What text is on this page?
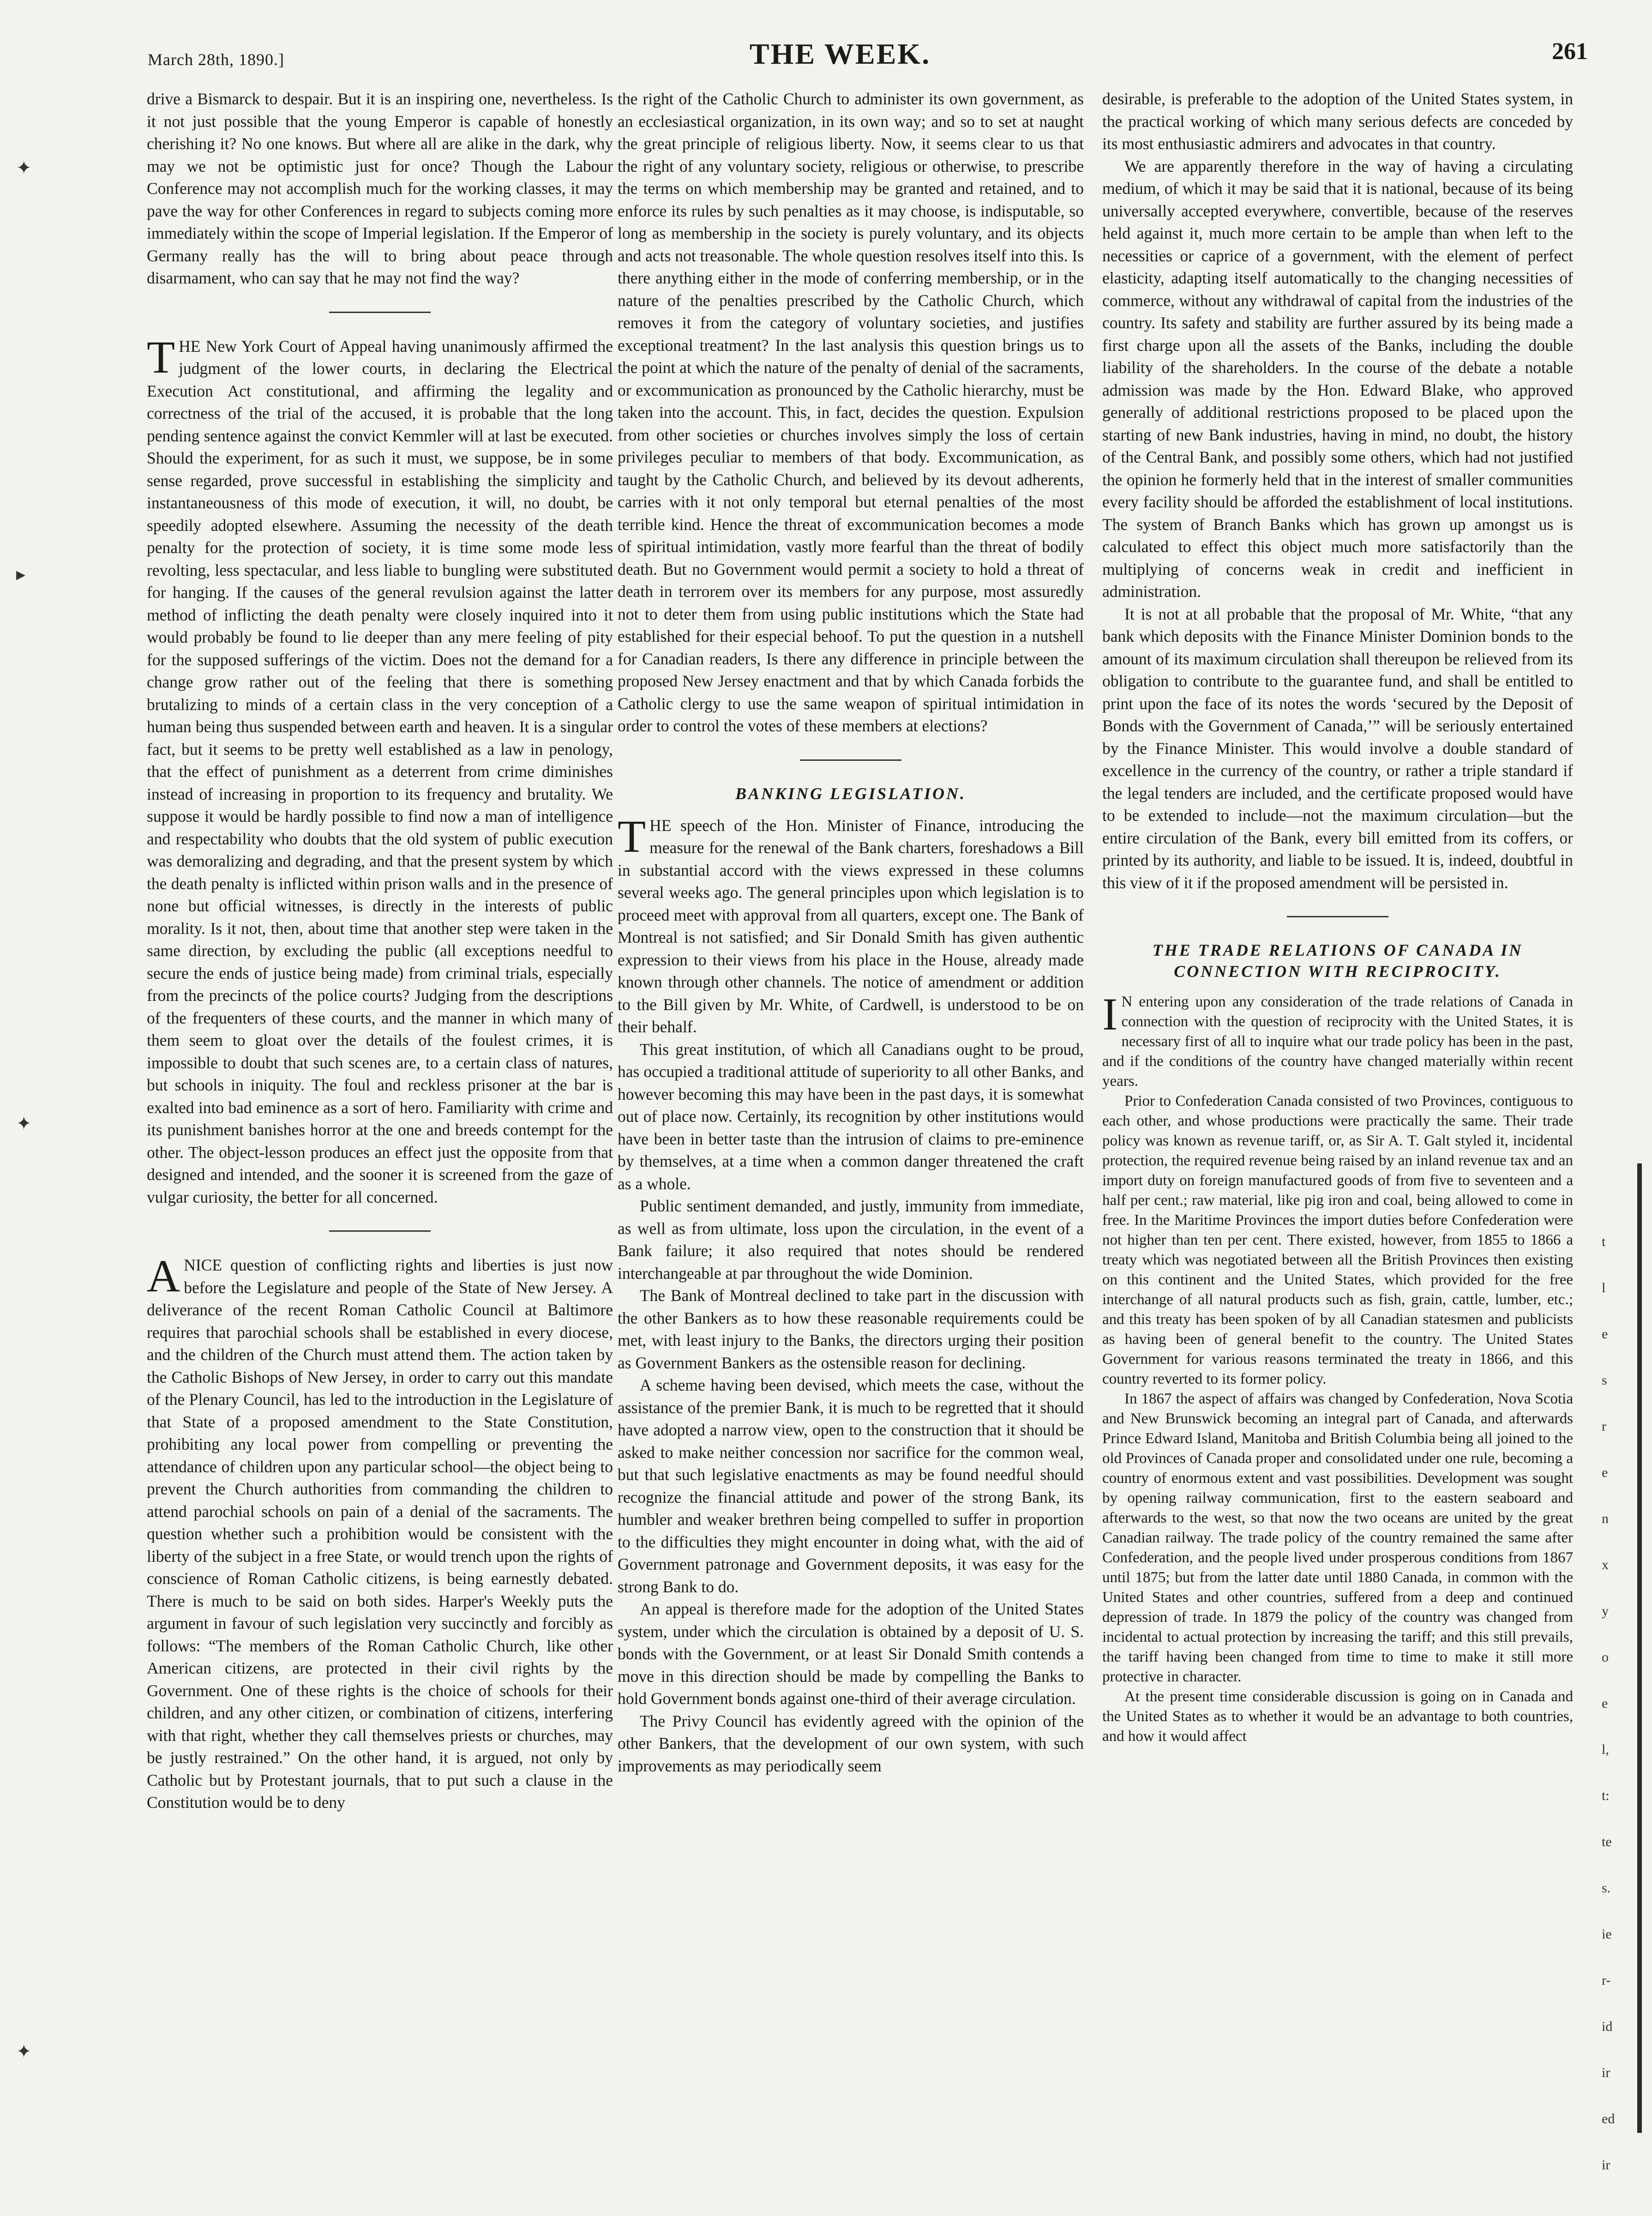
March 28th, 1890.]	THE WEEK.	261
✦
▸
✦
✦

drive a Bismarck to despair. But it is an inspiring one, nevertheless. Is it not just possible that the young Emperor is capable of honestly cherishing it? No one knows. But where all are alike in the dark, why may we not be optimistic just for once? Though the Labour Conference may not accomplish much for the working classes, it may pave the way for other Conferences in regard to subjects coming more immediately within the scope of Imperial legislation. If the Emperor of Germany really has the will to bring about peace through disarmament, who can say that he may not find the way?

THE New York Court of Appeal having unanimously affirmed the judgment of the lower courts, in declaring the Electrical Execution Act constitutional, and affirming the legality and correctness of the trial of the accused, it is probable that the long pending sentence against the convict Kemmler will at last be executed. Should the experiment, for as such it must, we suppose, be in some sense regarded, prove successful in establishing the simplicity and instantaneousness of this mode of execution, it will, no doubt, be speedily adopted elsewhere. Assuming the necessity of the death penalty for the protection of society, it is time some mode less revolting, less spectacular, and less liable to bungling were substituted for hanging. If the causes of the general revulsion against the latter method of inflicting the death penalty were closely inquired into it would probably be found to lie deeper than any mere feeling of pity for the supposed sufferings of the victim. Does not the demand for a change grow rather out of the feeling that there is something brutalizing to minds of a certain class in the very conception of a human being thus suspended between earth and heaven. It is a singular fact, but it seems to be pretty well established as a law in penology, that the effect of punishment as a deterrent from crime diminishes instead of increasing in proportion to its frequency and brutality. We suppose it would be hardly possible to find now a man of intelligence and respectability who doubts that the old system of public execution was demoralizing and degrading, and that the present system by which the death penalty is inflicted within prison walls and in the presence of none but official witnesses, is directly in the interests of public morality. Is it not, then, about time that another step were taken in the same direction, by excluding the public (all exceptions needful to secure the ends of justice being made) from criminal trials, especially from the precincts of the police courts? Judging from the descriptions of the frequenters of these courts, and the manner in which many of them seem to gloat over the details of the foulest crimes, it is impossible to doubt that such scenes are, to a certain class of natures, but schools in iniquity. The foul and reckless prisoner at the bar is exalted into bad eminence as a sort of hero. Familiarity with crime and its punishment banishes horror at the one and breeds contempt for the other. The object-lesson produces an effect just the opposite from that designed and intended, and the sooner it is screened from the gaze of vulgar curiosity, the better for all concerned.

ANICE question of conflicting rights and liberties is just now before the Legislature and people of the State of New Jersey. A deliverance of the recent Roman Catholic Council at Baltimore requires that parochial schools shall be established in every diocese, and the children of the Church must attend them. The action taken by the Catholic Bishops of New Jersey, in order to carry out this mandate of the Plenary Council, has led to the introduction in the Legislature of that State of a proposed amendment to the State Constitution, prohibiting any local power from compelling or preventing the attendance of children upon any particular school—the object being to prevent the Church authorities from commanding the children to attend parochial schools on pain of a denial of the sacraments. The question whether such a prohibition would be consistent with the liberty of the subject in a free State, or would trench upon the rights of conscience of Roman Catholic citizens, is being earnestly debated. There is much to be said on both sides. Harper's Weekly puts the argument in favour of such legislation very succinctly and forcibly as follows: “The members of the Roman Catholic Church, like other American citizens, are protected in their civil rights by the Government. One of these rights is the choice of schools for their children, and any other citizen, or combination of citizens, interfering with that right, whether they call themselves priests or churches, may be justly restrained.” On the other hand, it is argued, not only by Catholic but by Protestant journals, that to put such a clause in the Constitution would be to deny

the right of the Catholic Church to administer its own government, as an ecclesiastical organization, in its own way; and so to set at naught the great principle of religious liberty. Now, it seems clear to us that the right of any voluntary society, religious or otherwise, to prescribe the terms on which membership may be granted and retained, and to enforce its rules by such penalties as it may choose, is indisputable, so long as membership in the society is purely voluntary, and its objects and acts not treasonable. The whole question resolves itself into this. Is there anything either in the mode of conferring membership, or in the nature of the penalties prescribed by the Catholic Church, which removes it from the category of voluntary societies, and justifies exceptional treatment? In the last analysis this question brings us to the point at which the nature of the penalty of denial of the sacraments, or excommunication as pronounced by the Catholic hierarchy, must be taken into the account. This, in fact, decides the question. Expulsion from other societies or churches involves simply the loss of certain privileges peculiar to members of that body. Excommunication, as taught by the Catholic Church, and believed by its devout adherents, carries with it not only temporal but eternal penalties of the most terrible kind. Hence the threat of excommunication becomes a mode of spiritual intimidation, vastly more fearful than the threat of bodily death. But no Government would permit a society to hold a threat of death in terrorem over its members for any purpose, most assuredly not to deter them from using public institutions which the State had established for their especial behoof. To put the question in a nutshell for Canadian readers, Is there any difference in principle between the proposed New Jersey enactment and that by which Canada forbids the Catholic clergy to use the same weapon of spiritual intimidation in order to control the votes of these members at elections?

BANKING LEGISLATION.

THE speech of the Hon. Minister of Finance, introducing the measure for the renewal of the Bank charters, foreshadows a Bill in substantial accord with the views expressed in these columns several weeks ago. The general principles upon which legislation is to proceed meet with approval from all quarters, except one. The Bank of Montreal is not satisfied; and Sir Donald Smith has given authentic expression to their views from his place in the House, already made known through other channels. The notice of amendment or addition to the Bill given by Mr. White, of Cardwell, is understood to be on their behalf.

This great institution, of which all Canadians ought to be proud, has occupied a traditional attitude of superiority to all other Banks, and however becoming this may have been in the past days, it is somewhat out of place now. Certainly, its recognition by other institutions would have been in better taste than the intrusion of claims to pre-eminence by themselves, at a time when a common danger threatened the craft as a whole.

Public sentiment demanded, and justly, immunity from immediate, as well as from ultimate, loss upon the circulation, in the event of a Bank failure; it also required that notes should be rendered interchangeable at par throughout the wide Dominion.

The Bank of Montreal declined to take part in the discussion with the other Bankers as to how these reasonable requirements could be met, with least injury to the Banks, the directors urging their position as Government Bankers as the ostensible reason for declining.

A scheme having been devised, which meets the case, without the assistance of the premier Bank, it is much to be regretted that it should have adopted a narrow view, open to the construction that it should be asked to make neither concession nor sacrifice for the common weal, but that such legislative enactments as may be found needful should recognize the financial attitude and power of the strong Bank, its humbler and weaker brethren being compelled to suffer in proportion to the difficulties they might encounter in doing what, with the aid of Government patronage and Government deposits, it was easy for the strong Bank to do.

An appeal is therefore made for the adoption of the United States system, under which the circulation is obtained by a deposit of U. S. bonds with the Government, or at least Sir Donald Smith contends a move in this direction should be made by compelling the Banks to hold Government bonds against one-third of their average circulation.

The Privy Council has evidently agreed with the opinion of the other Bankers, that the development of our own system, with such improvements as may periodically seem

desirable, is preferable to the adoption of the United States system, in the practical working of which many serious defects are conceded by its most enthusiastic admirers and advocates in that country.

We are apparently therefore in the way of having a circulating medium, of which it may be said that it is national, because of its being universally accepted everywhere, convertible, because of the reserves held against it, much more certain to be ample than when left to the necessities or caprice of a government, with the element of perfect elasticity, adapting itself automatically to the changing necessities of commerce, without any withdrawal of capital from the industries of the country. Its safety and stability are further assured by its being made a first charge upon all the assets of the Banks, including the double liability of the shareholders. In the course of the debate a notable admission was made by the Hon. Edward Blake, who approved generally of additional restrictions proposed to be placed upon the starting of new Bank industries, having in mind, no doubt, the history of the Central Bank, and possibly some others, which had not justified the opinion he formerly held that in the interest of smaller communities every facility should be afforded the establishment of local institutions. The system of Branch Banks which has grown up amongst us is calculated to effect this object much more satisfactorily than the multiplying of concerns weak in credit and inefficient in administration.

It is not at all probable that the proposal of Mr. White, “that any bank which deposits with the Finance Minister Dominion bonds to the amount of its maximum circulation shall thereupon be relieved from its obligation to contribute to the guarantee fund, and shall be entitled to print upon the face of its notes the words ‘secured by the Deposit of Bonds with the Government of Canada,’” will be seriously entertained by the Finance Minister. This would involve a double standard of excellence in the currency of the country, or rather a triple standard if the legal tenders are included, and the certificate proposed would have to be extended to include—not the maximum circulation—but the entire circulation of the Bank, every bill emitted from its coffers, or printed by its authority, and liable to be issued. It is, indeed, doubtful in this view of it if the proposed amendment will be persisted in.

THE TRADE RELATIONS OF CANADA IN CONNECTION WITH RECIPROCITY.

I N entering upon any consideration of the trade relations of Canada in connection with the question of reciprocity with the United States, it is necessary first of all to inquire what our trade policy has been in the past, and if the conditions of the country have changed materially within recent years.

Prior to Confederation Canada consisted of two Provinces, contiguous to each other, and whose productions were practically the same. Their trade policy was known as revenue tariff, or, as Sir A. T. Galt styled it, incidental protection, the required revenue being raised by an inland revenue tax and an import duty on foreign manufactured goods of from five to seventeen and a half per cent.; raw material, like pig iron and coal, being allowed to come in free. In the Maritime Provinces the import duties before Confederation were not higher than ten per cent. There existed, however, from 1855 to 1866 a treaty which was negotiated between all the British Provinces then existing on this continent and the United States, which provided for the free interchange of all natural products such as fish, grain, cattle, lumber, etc.; and this treaty has been spoken of by all Canadian statesmen and publicists as having been of general benefit to the country. The United States Government for various reasons terminated the treaty in 1866, and this country reverted to its former policy.

In 1867 the aspect of affairs was changed by Confederation, Nova Scotia and New Brunswick becoming an integral part of Canada, and afterwards Prince Edward Island, Manitoba and British Columbia being all joined to the old Provinces of Canada proper and consolidated under one rule, becoming a country of enormous extent and vast possibilities. Development was sought by opening railway communication, first to the eastern seaboard and afterwards to the west, so that now the two oceans are united by the great Canadian railway. The trade policy of the country remained the same after Confederation, and the people lived under prosperous conditions from 1867 until 1875; but from the latter date until 1880 Canada, in common with the United States and other countries, suffered from a deep and continued depression of trade. In 1879 the policy of the country was changed from incidental to actual protection by increasing the tariff; and this still prevails, the tariff having been changed from time to time to make it still more protective in character.

At the present time considerable discussion is going on in Canada and the United States as to whether it would be an advantage to both countries, and how it would affect

t
l
e
s
r
e
n
x
y
o
e
l,
t:
te
s.
ie
r-
id
ir
ed
ir
